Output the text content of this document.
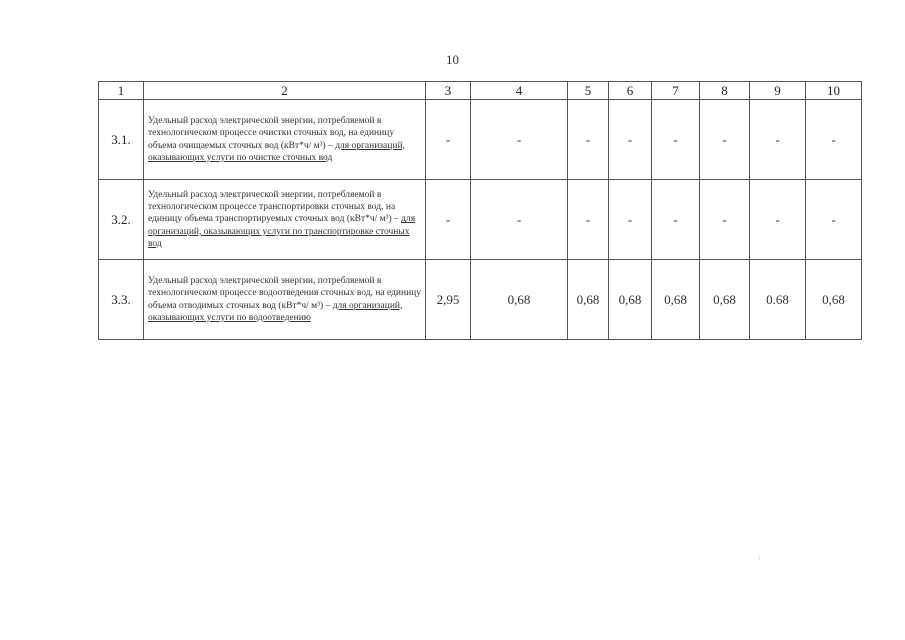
10
1	2	3	4	5	6	7	8	9	10
3.1.	Удельный расход электрической энергии, потребляемой в технологическом процессе очистки сточных вод, на единицу объема очищаемых сточных вод (кВт*ч/ м³) – для организаций, оказывающих услуги по очистке сточных вод	-	-	-	-	-	-	-	-
3.2.	Удельный расход электрической энергии, потребляемой в технологическом процессе транспортировки сточных вод, на единицу объема транспортируемых сточных вод (кВт*ч/ м³) – для организаций, оказывающих услуги по транспортировке сточных вод	-	-	-	-	-	-	-	-
3.3.	Удельный расход электрической энергии, потребляемой в технологическом процессе водоотведения сточных вод, на единицу объема отводимых сточных вод (кВт*ч/ м³) – для организаций, оказывающих услуги по водоотведению	2,95	0,68	0,68	0,68	0,68	0,68	0.68	0,68
\
